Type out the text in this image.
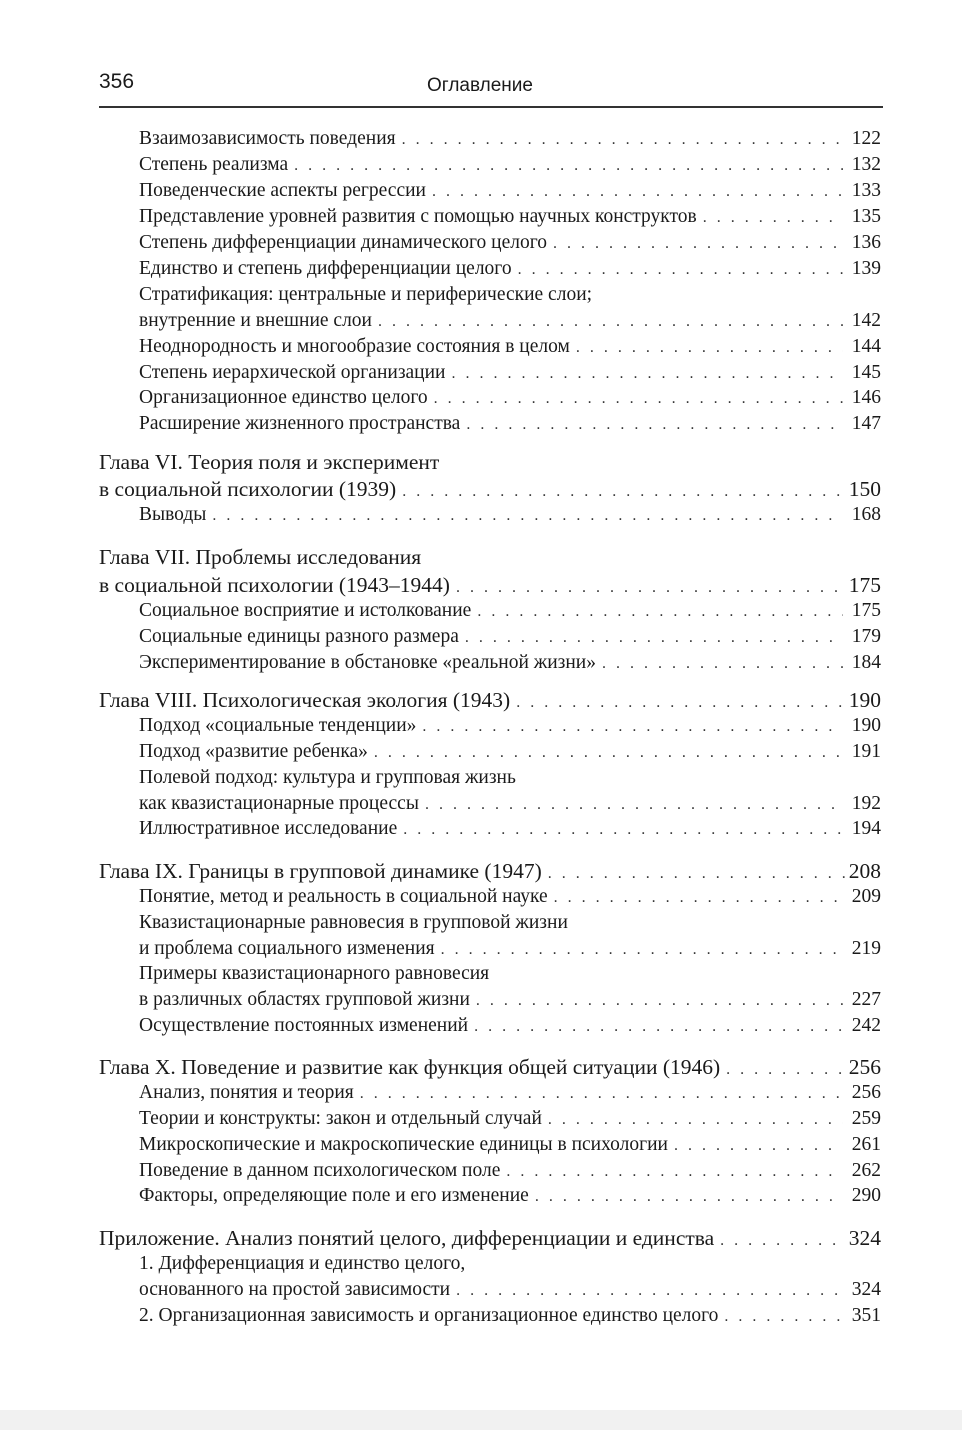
356	Оглавление
Взаимозависимость поведения . . .	122
Степень реализма . . .	132
Поведенческие аспекты регрессии . . .	133
Представление уровней развития с помощью научных конструктов . . .	135
Степень дифференциации динамического целого . . .	136
Единство и степень дифференциации целого . . .	139
Стратификация: центральные и периферические слои;
внутренние и внешние слои . . .	142
Неоднородность и многообразие состояния в целом . . .	144
Степень иерархической организации . . .	145
Организационное единство целого . . .	146
Расширение жизненного пространства . . .	147
Глава VI. Теория поля и эксперимент
в социальной психологии (1939) . . .	150
Выводы . . .	168
Глава VII. Проблемы исследования
в социальной психологии (1943–1944) . . .	175
Социальное восприятие и истолкование . . .	175
Социальные единицы разного размера . . .	179
Экспериментирование в обстановке «реальной жизни» . . .	184
Глава VIII. Психологическая экология (1943) . . .	190
Подход «социальные тенденции» . . .	190
Подход «развитие ребенка» . . .	191
Полевой подход: культура и групповая жизнь
как квазистационарные процессы . . .	192
Иллюстративное исследование . . .	194
Глава IX. Границы в групповой динамике (1947) . . .	208
Понятие, метод и реальность в социальной науке . . .	209
Квазистационарные равновесия в групповой жизни
и проблема социального изменения . . .	219
Примеры квазистационарного равновесия
в различных областях групповой жизни . . .	227
Осуществление постоянных изменений . . .	242
Глава X. Поведение и развитие как функция общей ситуации (1946) . . .	256
Анализ, понятия и теория . . .	256
Теории и конструкты: закон и отдельный случай . . .	259
Микроскопические и макроскопические единицы в психологии . . .	261
Поведение в данном психологическом поле . . .	262
Факторы, определяющие поле и его изменение . . .	290
Приложение. Анализ понятий целого, дифференциации и единства . . .	324
1. Дифференциация и единство целого,
основанного на простой зависимости . . .	324
2. Организационная зависимость и организационное единство целого . . .	351
